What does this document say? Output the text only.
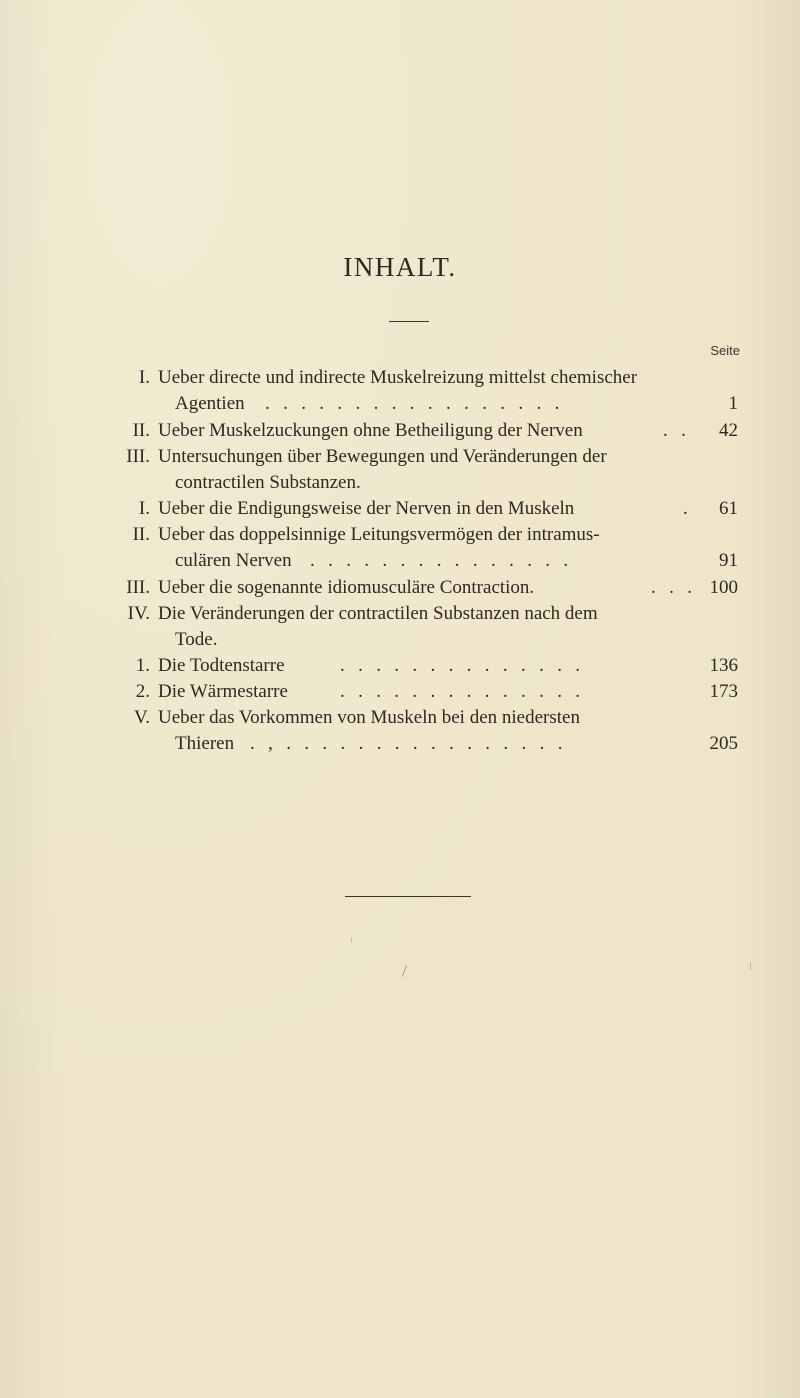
INHALT.
Seite
I. Ueber directe und indirecte Muskelreizung mittelst chemischer
Agentien . . . . . . . . . . . . . . . . .	1
II. Ueber Muskelzuckungen ohne Betheiligung der Nerven	. .	42
III. Untersuchungen über Bewegungen und Veränderungen der
contractilen Substanzen.
I. Ueber die Endigungsweise der Nerven in den Muskeln	.	61
II. Ueber das doppelsinnige Leitungsvermögen der intramus-
culären Nerven . . . . . . . . . . . . . . .	91
III. Ueber die sogenannte idiomusculäre Contraction.	. . . 100
IV. Die Veränderungen der contractilen Substanzen nach dem
Tode.
1. Die Todtenstarre	. . . . . . . . . . . . . .	136
2. Die Wärmestarre	. . . . . . . . . . . . . .	173
V. Ueber das Vorkommen von Muskeln bei den niedersten
Thieren . , . . . . . . . . . . . . . . . .	205
